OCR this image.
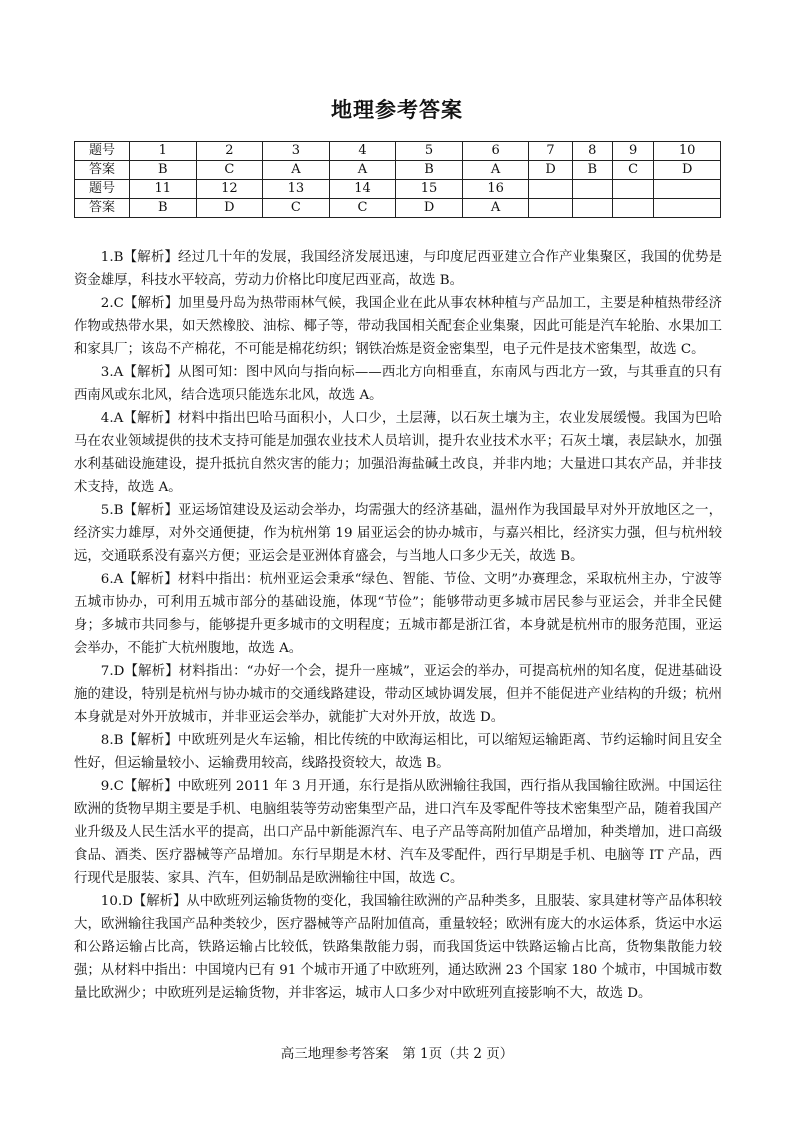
地理参考答案
题号	1	2	3	4	5	6	7	8	9	10
答案	B	C	A	A	B	A	D	B	C	D
题号	11	12	13	14	15	16				
答案	B	D	C	C	D	A				

1.B【解析】经过几十年的发展，我国经济发展迅速，与印度尼西亚建立合作产业集聚区，我国的优势是资金雄厚，科技水平较高，劳动力价格比印度尼西亚高，故选 B。

2.C【解析】加里曼丹岛为热带雨林气候，我国企业在此从事农林种植与产品加工，主要是种植热带经济作物或热带水果，如天然橡胶、油棕、椰子等，带动我国相关配套企业集聚，因此可能是汽车轮胎、水果加工和家具厂；该岛不产棉花，不可能是棉花纺织；钢铁冶炼是资金密集型，电子元件是技术密集型，故选 C。

3.A【解析】从图可知：图中风向与指向标——西北方向相垂直，东南风与西北方一致，与其垂直的只有西南风或东北风，结合选项只能选东北风，故选 A。

4.A【解析】材料中指出巴哈马面积小，人口少，土层薄，以石灰土壤为主，农业发展缓慢。我国为巴哈马在农业领域提供的技术支持可能是加强农业技术人员培训，提升农业技术水平；石灰土壤，表层缺水，加强水利基础设施建设，提升抵抗自然灾害的能力；加强沿海盐碱土改良，并非内地；大量进口其农产品，并非技术支持，故选 A。

5.B【解析】亚运场馆建设及运动会举办，均需强大的经济基础，温州作为我国最早对外开放地区之一，经济实力雄厚，对外交通便捷，作为杭州第 19 届亚运会的协办城市，与嘉兴相比，经济实力强，但与杭州较远，交通联系没有嘉兴方便；亚运会是亚洲体育盛会，与当地人口多少无关，故选 B。

6.A【解析】材料中指出：杭州亚运会秉承“绿色、智能、节俭、文明”办赛理念，采取杭州主办，宁波等五城市协办，可利用五城市部分的基础设施，体现“节俭”；能够带动更多城市居民参与亚运会，并非全民健身；多城市共同参与，能够提升更多城市的文明程度；五城市都是浙江省，本身就是杭州市的服务范围，亚运会举办，不能扩大杭州腹地，故选 A。

7.D【解析】材料指出：“办好一个会，提升一座城”，亚运会的举办，可提高杭州的知名度，促进基础设施的建设，特别是杭州与协办城市的交通线路建设，带动区域协调发展，但并不能促进产业结构的升级；杭州本身就是对外开放城市，并非亚运会举办，就能扩大对外开放，故选 D。

8.B【解析】中欧班列是火车运输，相比传统的中欧海运相比，可以缩短运输距离、节约运输时间且安全性好，但运输量较小、运输费用较高，线路投资较大，故选 B。

9.C【解析】中欧班列 2011 年 3 月开通，东行是指从欧洲输往我国，西行指从我国输往欧洲。中国运往欧洲的货物早期主要是手机、电脑组装等劳动密集型产品，进口汽车及零配件等技术密集型产品，随着我国产业升级及人民生活水平的提高，出口产品中新能源汽车、电子产品等高附加值产品增加，种类增加，进口高级食品、酒类、医疗器械等产品增加。东行早期是木材、汽车及零配件，西行早期是手机、电脑等 IT 产品，西行现代是服装、家具、汽车，但奶制品是欧洲输往中国，故选 C。

10.D【解析】从中欧班列运输货物的变化，我国输往欧洲的产品种类多，且服装、家具建材等产品体积较大，欧洲输往我国产品种类较少，医疗器械等产品附加值高，重量较轻；欧洲有庞大的水运体系，货运中水运和公路运输占比高，铁路运输占比较低，铁路集散能力弱，而我国货运中铁路运输占比高，货物集散能力较强；从材料中指出：中国境内已有 91 个城市开通了中欧班列，通达欧洲 23 个国家 180 个城市，中国城市数量比欧洲少；中欧班列是运输货物，并非客运，城市人口多少对中欧班列直接影响不大，故选 D。

高三地理参考答案　第 1页（共 2 页）
